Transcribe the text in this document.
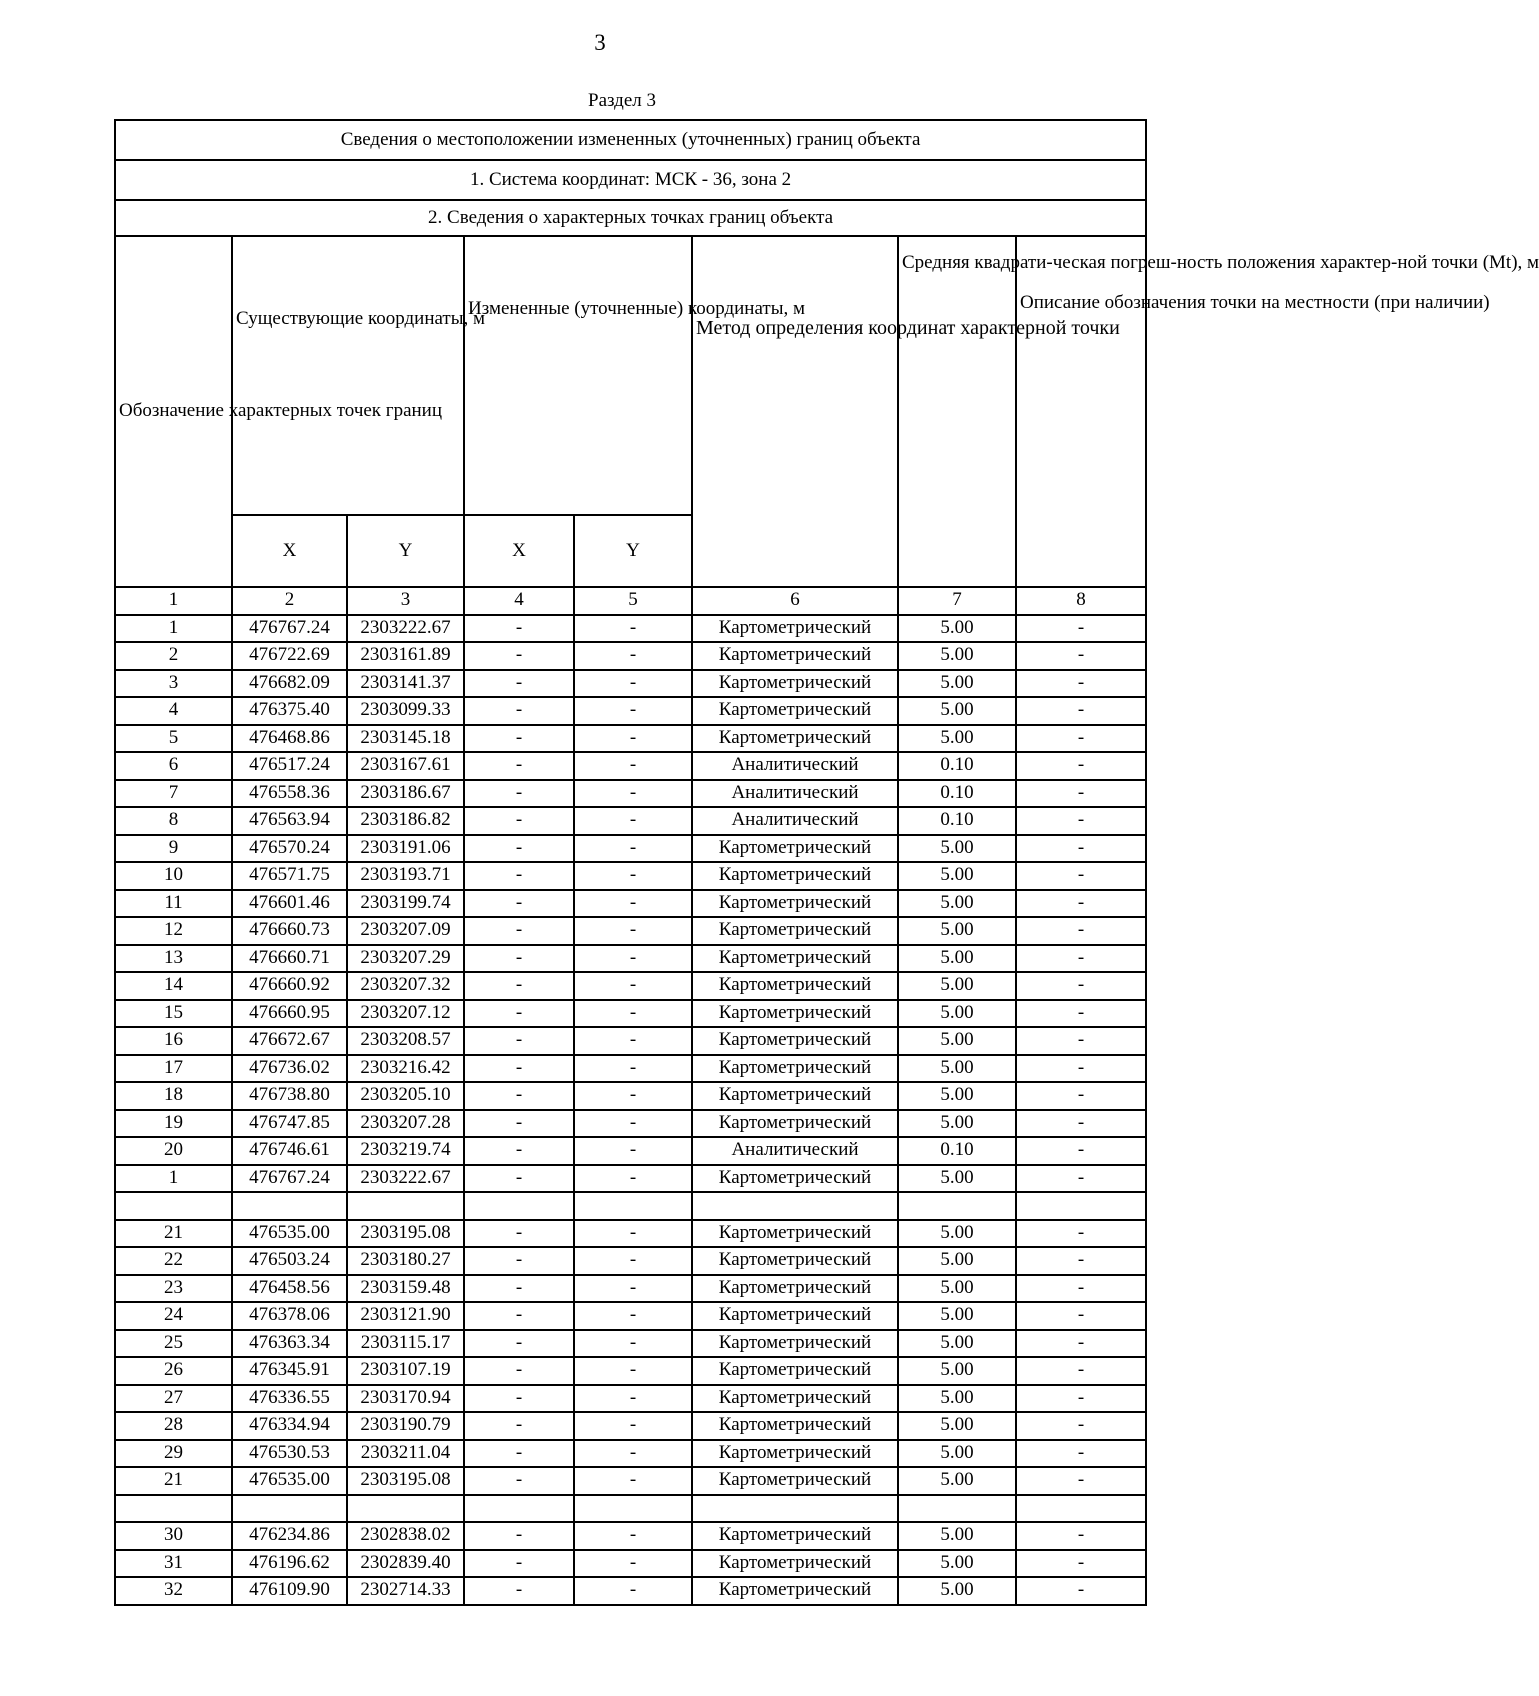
3
Раздел 3
Сведения о местоположении измененных (уточненных) границ объекта							
1. Система координат: МСК - 36, зона 2							
2. Сведения о характерных точках границ объекта							
Обозначение характерных точек границ	Существующие координаты, м		Измененные (уточненные) координаты, м		Метод определения координат характерной точки	Средняя квадрати-ческая погреш-ность положения характер-ной точки (Mt), м	Описание обозначения точки на местности (при наличии)
	X	Y	X	Y			
1	2	3	4	5	6	7	8
1	476767.24	2303222.67	-	-	Картометрический	5.00	-
2	476722.69	2303161.89	-	-	Картометрический	5.00	-
3	476682.09	2303141.37	-	-	Картометрический	5.00	-
4	476375.40	2303099.33	-	-	Картометрический	5.00	-
5	476468.86	2303145.18	-	-	Картометрический	5.00	-
6	476517.24	2303167.61	-	-	Аналитический	0.10	-
7	476558.36	2303186.67	-	-	Аналитический	0.10	-
8	476563.94	2303186.82	-	-	Аналитический	0.10	-
9	476570.24	2303191.06	-	-	Картометрический	5.00	-
10	476571.75	2303193.71	-	-	Картометрический	5.00	-
11	476601.46	2303199.74	-	-	Картометрический	5.00	-
12	476660.73	2303207.09	-	-	Картометрический	5.00	-
13	476660.71	2303207.29	-	-	Картометрический	5.00	-
14	476660.92	2303207.32	-	-	Картометрический	5.00	-
15	476660.95	2303207.12	-	-	Картометрический	5.00	-
16	476672.67	2303208.57	-	-	Картометрический	5.00	-
17	476736.02	2303216.42	-	-	Картометрический	5.00	-
18	476738.80	2303205.10	-	-	Картометрический	5.00	-
19	476747.85	2303207.28	-	-	Картометрический	5.00	-
20	476746.61	2303219.74	-	-	Аналитический	0.10	-
1	476767.24	2303222.67	-	-	Картометрический	5.00	-

21	476535.00	2303195.08	-	-	Картометрический	5.00	-
22	476503.24	2303180.27	-	-	Картометрический	5.00	-
23	476458.56	2303159.48	-	-	Картометрический	5.00	-
24	476378.06	2303121.90	-	-	Картометрический	5.00	-
25	476363.34	2303115.17	-	-	Картометрический	5.00	-
26	476345.91	2303107.19	-	-	Картометрический	5.00	-
27	476336.55	2303170.94	-	-	Картометрический	5.00	-
28	476334.94	2303190.79	-	-	Картометрический	5.00	-
29	476530.53	2303211.04	-	-	Картометрический	5.00	-
21	476535.00	2303195.08	-	-	Картометрический	5.00	-

30	476234.86	2302838.02	-	-	Картометрический	5.00	-
31	476196.62	2302839.40	-	-	Картометрический	5.00	-
32	476109.90	2302714.33	-	-	Картометрический	5.00	-
